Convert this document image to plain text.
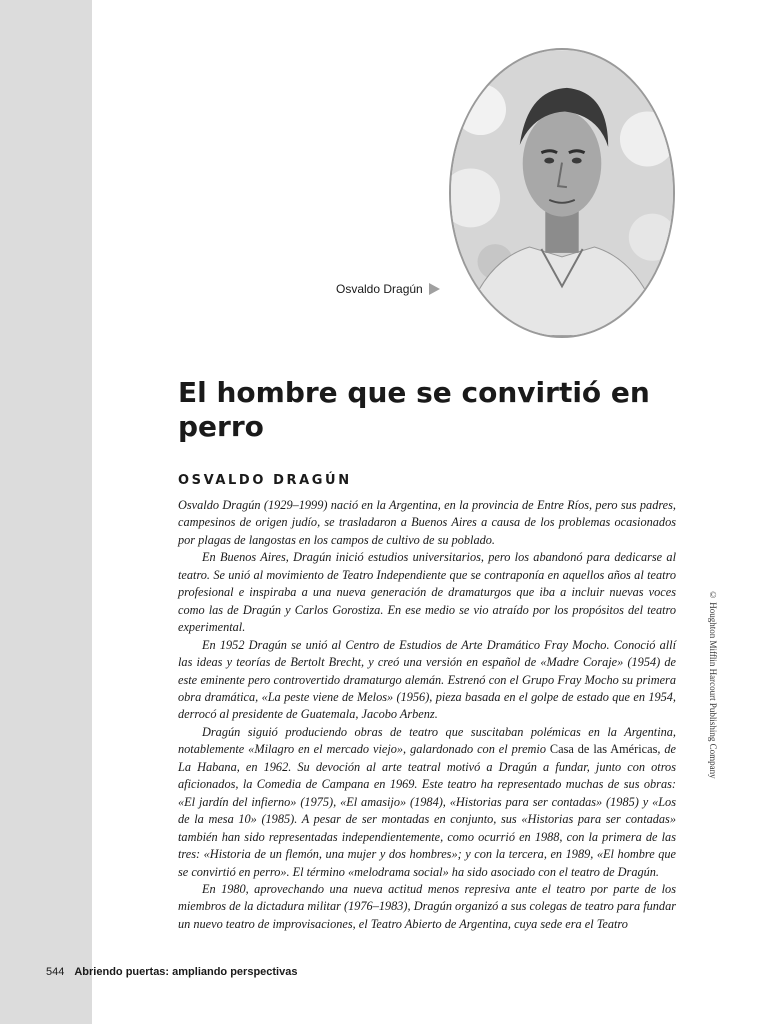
Osvaldo Dragún
El hombre que se convirtió en perro
OSVALDO DRAGÚN

Osvaldo Dragún (1929–1999) nació en la Argentina, en la provincia de Entre Ríos, pero sus padres, campesinos de origen judío, se trasladaron a Buenos Aires a causa de los problemas ocasionados por plagas de langostas en los campos de cultivo de su poblado.

En Buenos Aires, Dragún inició estudios universitarios, pero los abandonó para dedicarse al teatro. Se unió al movimiento de Teatro Independiente que se contraponía en aquellos años al teatro profesional e inspiraba a una nueva generación de dramaturgos que iba a incluir nuevas voces como las de Dragún y Carlos Gorostiza. En ese medio se vio atraído por los propósitos del teatro experimental.

En 1952 Dragún se unió al Centro de Estudios de Arte Dramático Fray Mocho. Conoció allí las ideas y teorías de Bertolt Brecht, y creó una versión en español de «Madre Coraje» (1954) de este eminente pero controvertido dramaturgo alemán. Estrenó con el Grupo Fray Mocho su primera obra dramática, «La peste viene de Melos» (1956), pieza basada en el golpe de estado que en 1954, derrocó al presidente de Guatemala, Jacobo Arbenz.

Dragún siguió produciendo obras de teatro que suscitaban polémicas en la Argentina, notablemente «Milagro en el mercado viejo», galardonado con el premio Casa de las Américas, de La Habana, en 1962. Su devoción al arte teatral motivó a Dragún a fundar, junto con otros aficionados, la Comedia de Campana en 1969. Este teatro ha representado muchas de sus obras: «El jardín del infierno» (1975), «El amasijo» (1984), «Historias para ser contadas» (1985) y «Los de la mesa 10» (1985). A pesar de ser montadas en conjunto, sus «Historias para ser contadas» también han sido representadas independientemente, como ocurrió en 1988, con la primera de las tres: «Historia de un flemón, una mujer y dos hombres»; y con la tercera, en 1989, «El hombre que se convirtió en perro». El término «melodrama social» ha sido asociado con el teatro de Dragún.

En 1980, aprovechando una nueva actitud menos represiva ante el teatro por parte de los miembros de la dictadura militar (1976–1983), Dragún organizó a sus colegas de teatro para fundar un nuevo teatro de improvisaciones, el Teatro Abierto de Argentina, cuya sede era el Teatro

© Houghton Mifflin Harcourt Publishing Company
544 Abriendo puertas: ampliando perspectivas
